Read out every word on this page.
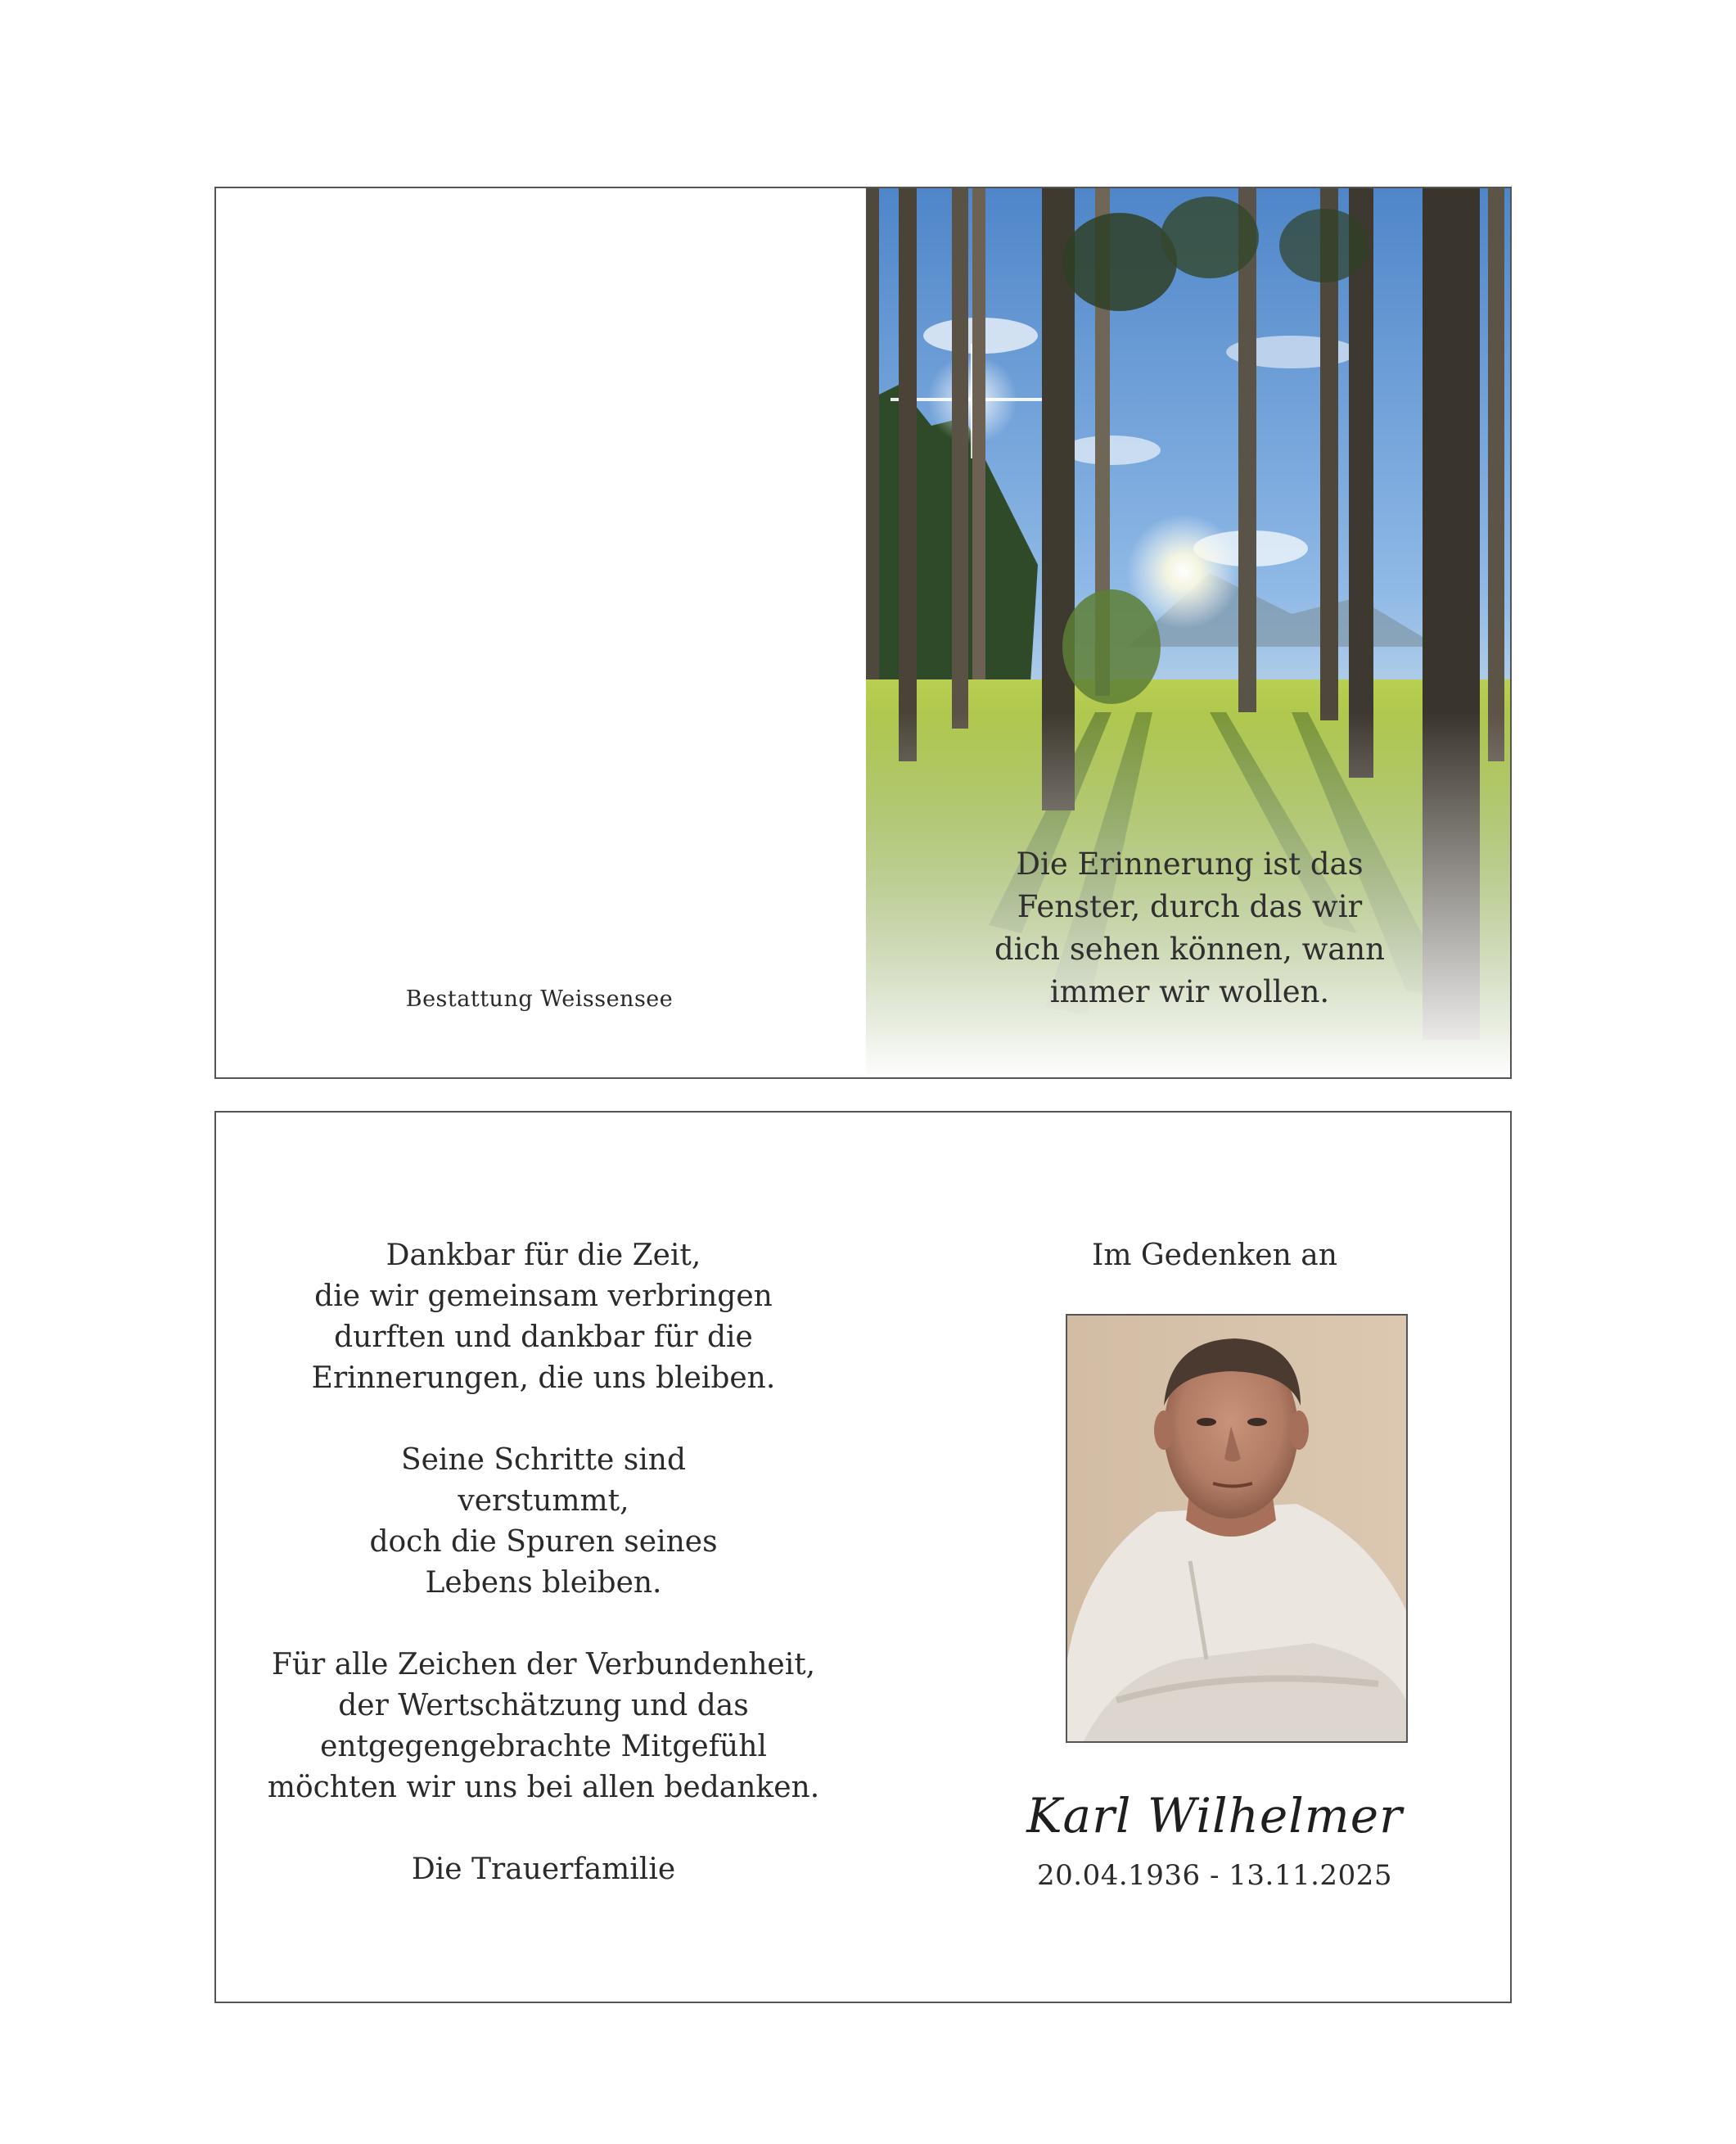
Bestattung Weissensee
Die Erinnerung ist das
Fenster, durch das wir
dich sehen können, wann
immer wir wollen.
Dankbar für die Zeit,
die wir gemeinsam verbringen
durften und dankbar für die
Erinnerungen, die uns bleiben.
Seine Schritte sind
verstummt,
doch die Spuren seines
Lebens bleiben.
Für alle Zeichen der Verbundenheit,
der Wertschätzung und das
entgegengebrachte Mitgefühl
möchten wir uns bei allen bedanken.
Die Trauerfamilie
Im Gedenken an
Karl Wilhelmer
20.04.1936 - 13.11.2025
